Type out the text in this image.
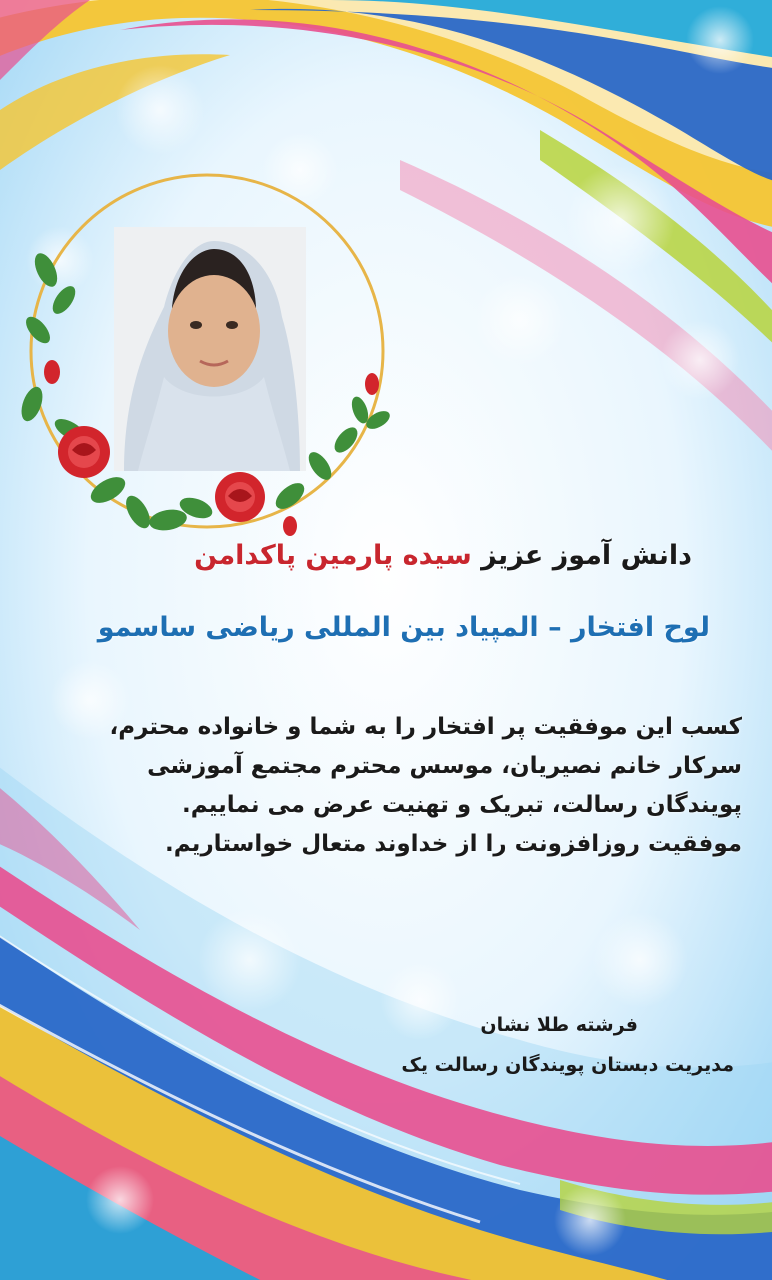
دانش آموز عزیز سیده پارمین پاکدامن
لوح افتخار – المپیاد بین المللی ریاضی ساسمو
کسب این موفقیت پر افتخار را به شما و خانواده محترم،
سرکار خانم نصیریان، موسس محترم مجتمع آموزشی
پویندگان رسالت، تبریک و تهنیت عرض می نماییم.
موفقیت روزافزونت را از خداوند متعال خواستاریم.
فرشته طلا نشان
مدیریت دبستان پویندگان رسالت یک
